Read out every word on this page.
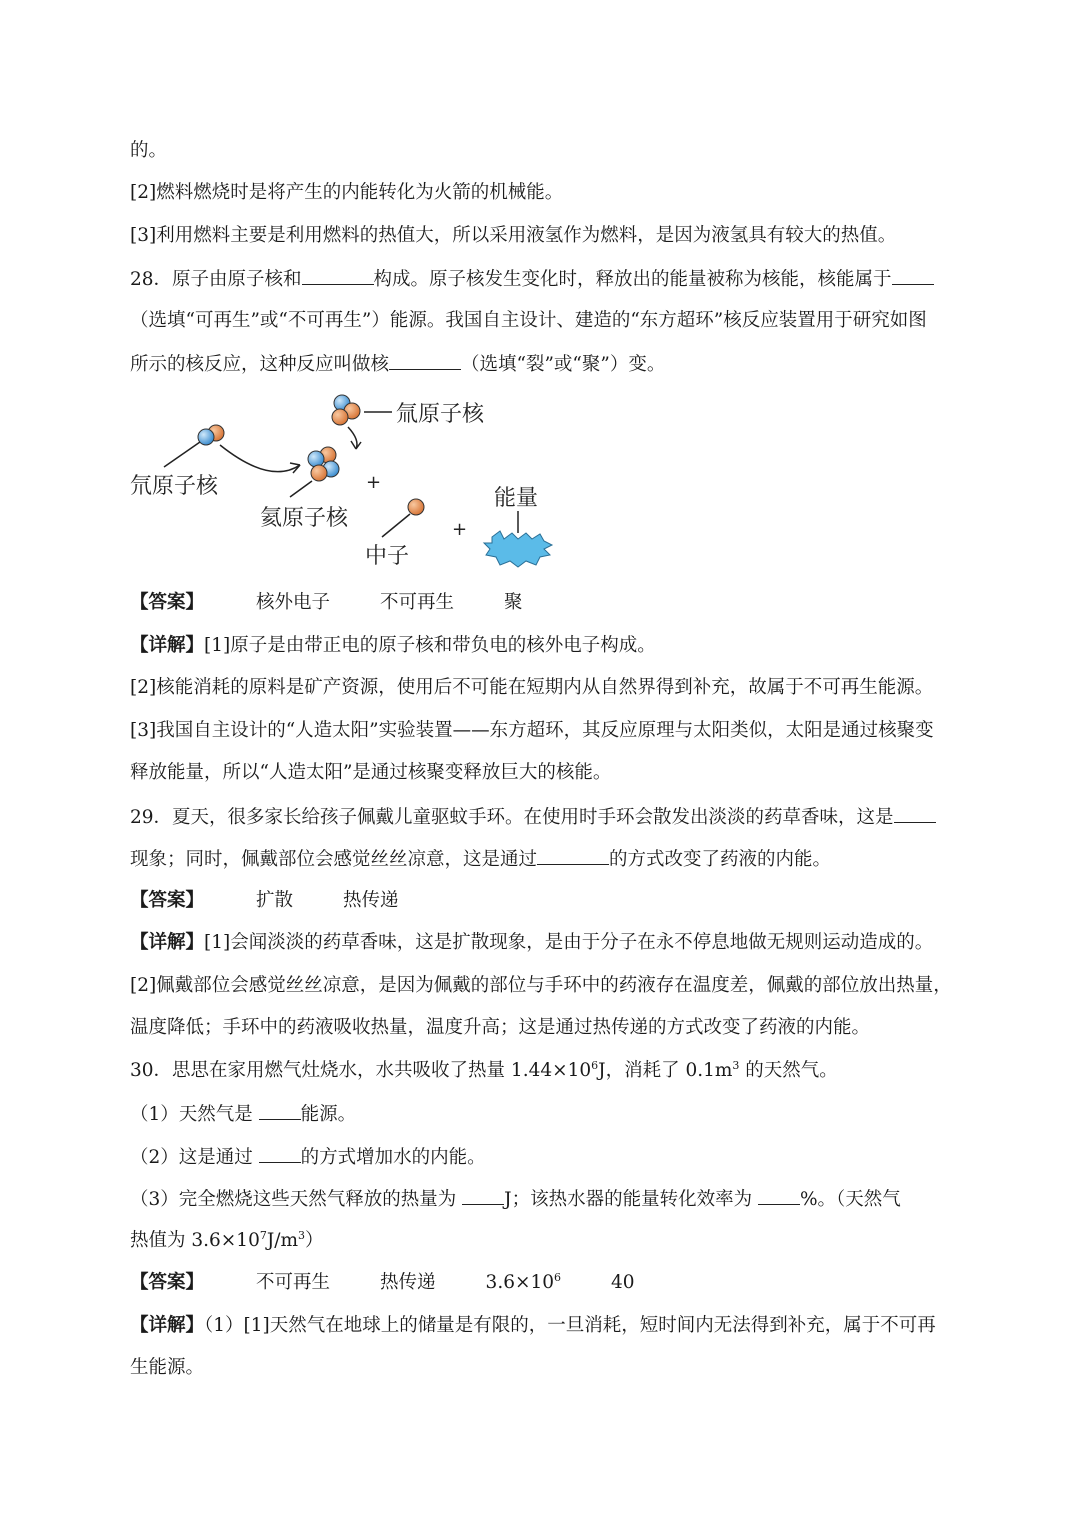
的。
[2]燃料燃烧时是将产生的内能转化为火箭的机械能。
[3]利用燃料主要是利用燃料的热值大，所以采用液氢作为燃料，是因为液氢具有较大的热值。
28．原子由原子核和	构成。原子核发生变化时，释放出的能量被称为核能，核能属于
（选填“可再生”或“不可再生”）能源。我国自主设计、建造的“东方超环”核反应装置用于研究如图
所示的核反应，这种反应叫做核	（选填“裂”或“聚”）变。
氘原子核
氦原子核
氚原子核
+
+
中子
能量
【答案】	核外电子	不可再生	聚
【详解】[1]原子是由带正电的原子核和带负电的核外电子构成。
[2]核能消耗的原料是矿产资源，使用后不可能在短期内从自然界得到补充，故属于不可再生能源。
[3]我国自主设计的“人造太阳”实验装置——东方超环，其反应原理与太阳类似，太阳是通过核聚变
释放能量，所以“人造太阳”是通过核聚变释放巨大的核能。
29．夏天，很多家长给孩子佩戴儿童驱蚊手环。在使用时手环会散发出淡淡的药草香味，这是
现象；同时，佩戴部位会感觉丝丝凉意，这是通过	的方式改变了药液的内能。
【答案】	扩散	热传递
【详解】[1]会闻淡淡的药草香味，这是扩散现象，是由于分子在永不停息地做无规则运动造成的。
[2]佩戴部位会感觉丝丝凉意，是因为佩戴的部位与手环中的药液存在温度差，佩戴的部位放出热量，
温度降低；手环中的药液吸收热量，温度升高；这是通过热传递的方式改变了药液的内能。
30．思思在家用燃气灶烧水，水共吸收了热量 $1.44\times 10^6J$，消耗了 $0.1m^3$ 的天然气。
（1）天然气是 能源。
（2）这是通过 的方式增加水的内能。
（3）完全燃烧这些天然气释放的热量为 J；该热水器的能量转化效率为 %。（天然气
热值为 $3.6\times 10^7J/m^3$）
【答案】	不可再生	热传递	$3.6\times 10^6$	40
【详解】（1）[1]天然气在地球上的储量是有限的，一旦消耗，短时间内无法得到补充，属于不可再
生能源。
